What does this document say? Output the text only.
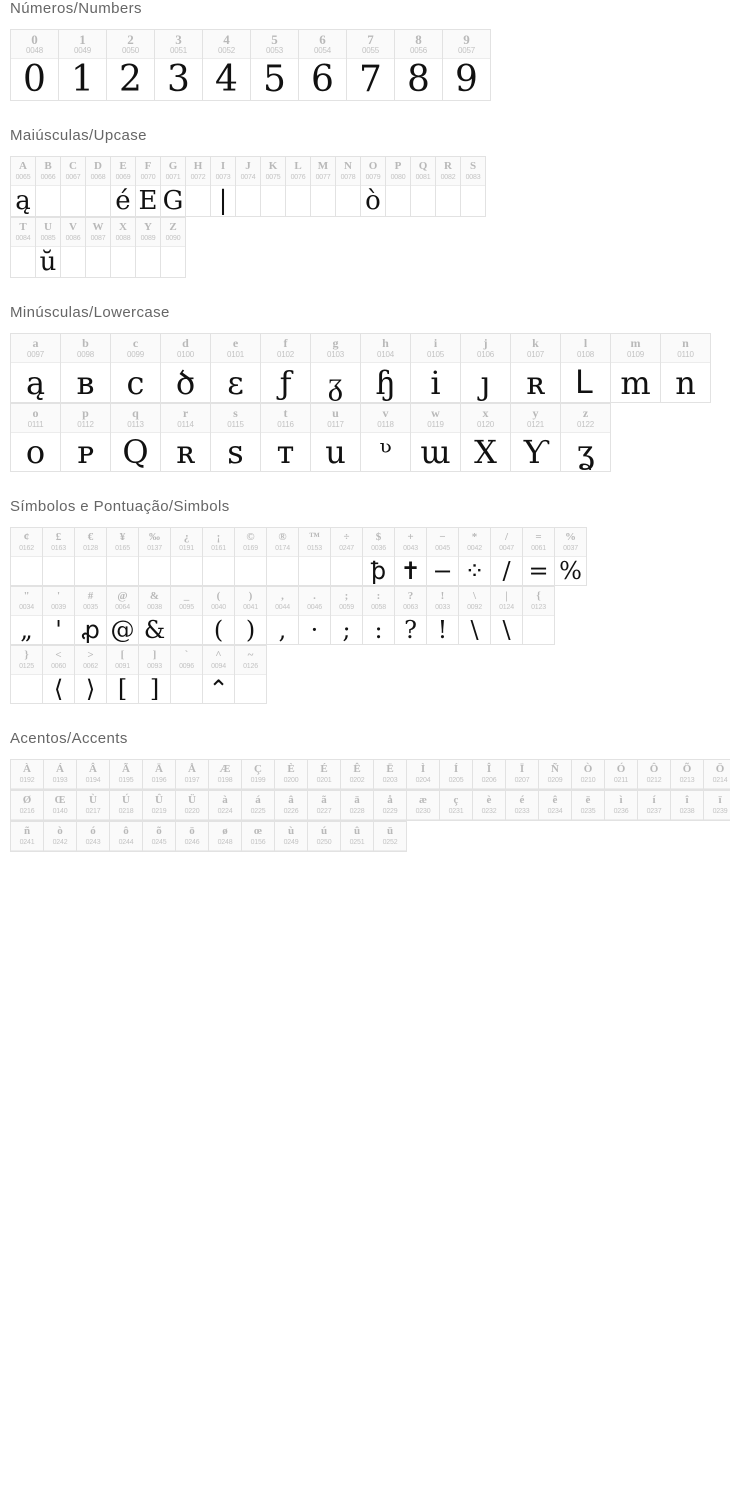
Números/Numbers
0
0048
0
1
0049
1
2
0050
2
3
0051
3
4
0052
4
5
0053
5
6
0054
6
7
0055
7
8
0056
8
9
0057
9
Maiúsculas/Upcase
A
0065
ą
B
0066
C
0067
D
0068
E
0069
é
F
0070
E
G
0071
G
H
0072
I
0073
|
J
0074
K
0075
L
0076
M
0077
N
0078
O
0079
ò
P
0080
Q
0081
R
0082
S
0083
T
0084
U
0085
ŭ
V
0086
W
0087
X
0088
Y
0089
Z
0090
Minúsculas/Lowercase
a
0097
ą
b
0098
ʙ
c
0099
c
d
0100
ծ
e
0101
ɛ
f
0102
ƒ
g
0103
ᵹ
h
0104
ɧ
i
0105
i
j
0106
ȷ
k
0107
ʀ
l
0108
Ꮮ
m
0109
m
n
0110
n
o
0111
o
p
0112
ᴩ
q
0113
Q
r
0114
ʀ
s
0115
ꜱ
t
0116
ᴛ
u
0117
u
v
0118
ᶹ
w
0119
ɯ
x
0120
X
y
0121
Ƴ
z
0122
ʓ
Símbolos e Pontuação/Simbols
¢
0162
£
0163
€
0128
¥
0165
‰
0137
¿
0191
¡
0161
©
0169
®
0174
™
0153
÷
0247
$
0036
ꝥ
+
0043
✝
−
0045
−
*
0042
⁘
/
0047
/
=
0061
=
%
0037
%
"
0034
„
'
0039
'
#
0035
ꝓ
@
0064
@
&
0038
&
_
0095
(
0040
(
)
0041
)
,
0044
,
.
0046
·
;
0059
;
:
0058
:
?
0063
?
!
0033
!
\
0092
\
|
0124
\
{
0123
}
0125
<
0060
⟨
>
0062
⟩
[
0091
[
]
0093
]
`
0096
^
0094
⌃
~
0126
Acentos/Accents
À
0192
Á
0193
Â
0194
Ã
0195
Ä
0196
Å
0197
Æ
0198
Ç
0199
È
0200
É
0201
Ê
0202
Ë
0203
Ì
0204
Í
0205
Î
0206
Ï
0207
Ñ
0209
Ò
0210
Ó
0211
Ô
0212
Õ
0213
Ö
0214
Ø
0216
Œ
0140
Ù
0217
Ú
0218
Û
0219
Ü
0220
à
0224
á
0225
â
0226
ã
0227
ä
0228
å
0229
æ
0230
ç
0231
è
0232
é
0233
ê
0234
ë
0235
ì
0236
í
0237
î
0238
ï
0239
ñ
0241
ò
0242
ó
0243
ô
0244
õ
0245
ö
0246
ø
0248
œ
0156
ù
0249
ú
0250
û
0251
ü
0252
